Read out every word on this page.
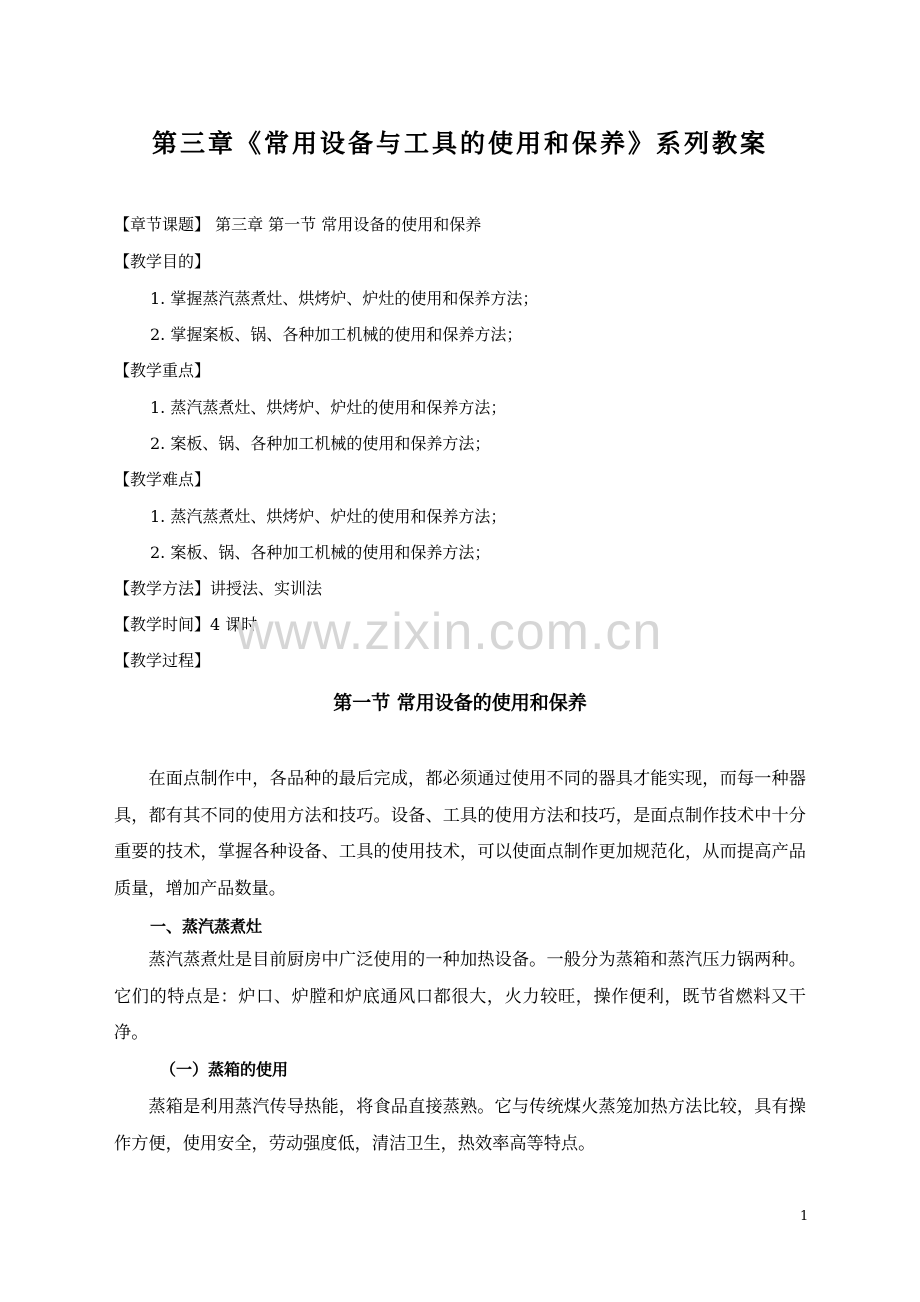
第三章《常用设备与工具的使用和保养》系列教案
【章节课题】 第三章 第一节 常用设备的使用和保养
【教学目的】
1. 掌握蒸汽蒸煮灶、烘烤炉、炉灶的使用和保养方法；
2. 掌握案板、锅、各种加工机械的使用和保养方法；
【教学重点】
1. 蒸汽蒸煮灶、烘烤炉、炉灶的使用和保养方法；
2. 案板、锅、各种加工机械的使用和保养方法；
【教学难点】
1. 蒸汽蒸煮灶、烘烤炉、炉灶的使用和保养方法；
2. 案板、锅、各种加工机械的使用和保养方法；
【教学方法】讲授法、实训法
【教学时间】4 课时
【教学过程】
第一节 常用设备的使用和保养

在面点制作中，各品种的最后完成，都必须通过使用不同的器具才能实现，而每一种器具，都有其不同的使用方法和技巧。设备、工具的使用方法和技巧，是面点制作技术中十分重要的技术，掌握各种设备、工具的使用技术，可以使面点制作更加规范化，从而提高产品质量，增加产品数量。

一、蒸汽蒸煮灶

蒸汽蒸煮灶是目前厨房中广泛使用的一种加热设备。一般分为蒸箱和蒸汽压力锅两种。它们的特点是：炉口、炉膛和炉底通风口都很大，火力较旺，操作便利，既节省燃料又干净。

（一）蒸箱的使用

蒸箱是利用蒸汽传导热能，将食品直接蒸熟。它与传统煤火蒸笼加热方法比较，具有操作方便，使用安全，劳动强度低，清洁卫生，热效率高等特点。

www.zixin.com.cn
1
